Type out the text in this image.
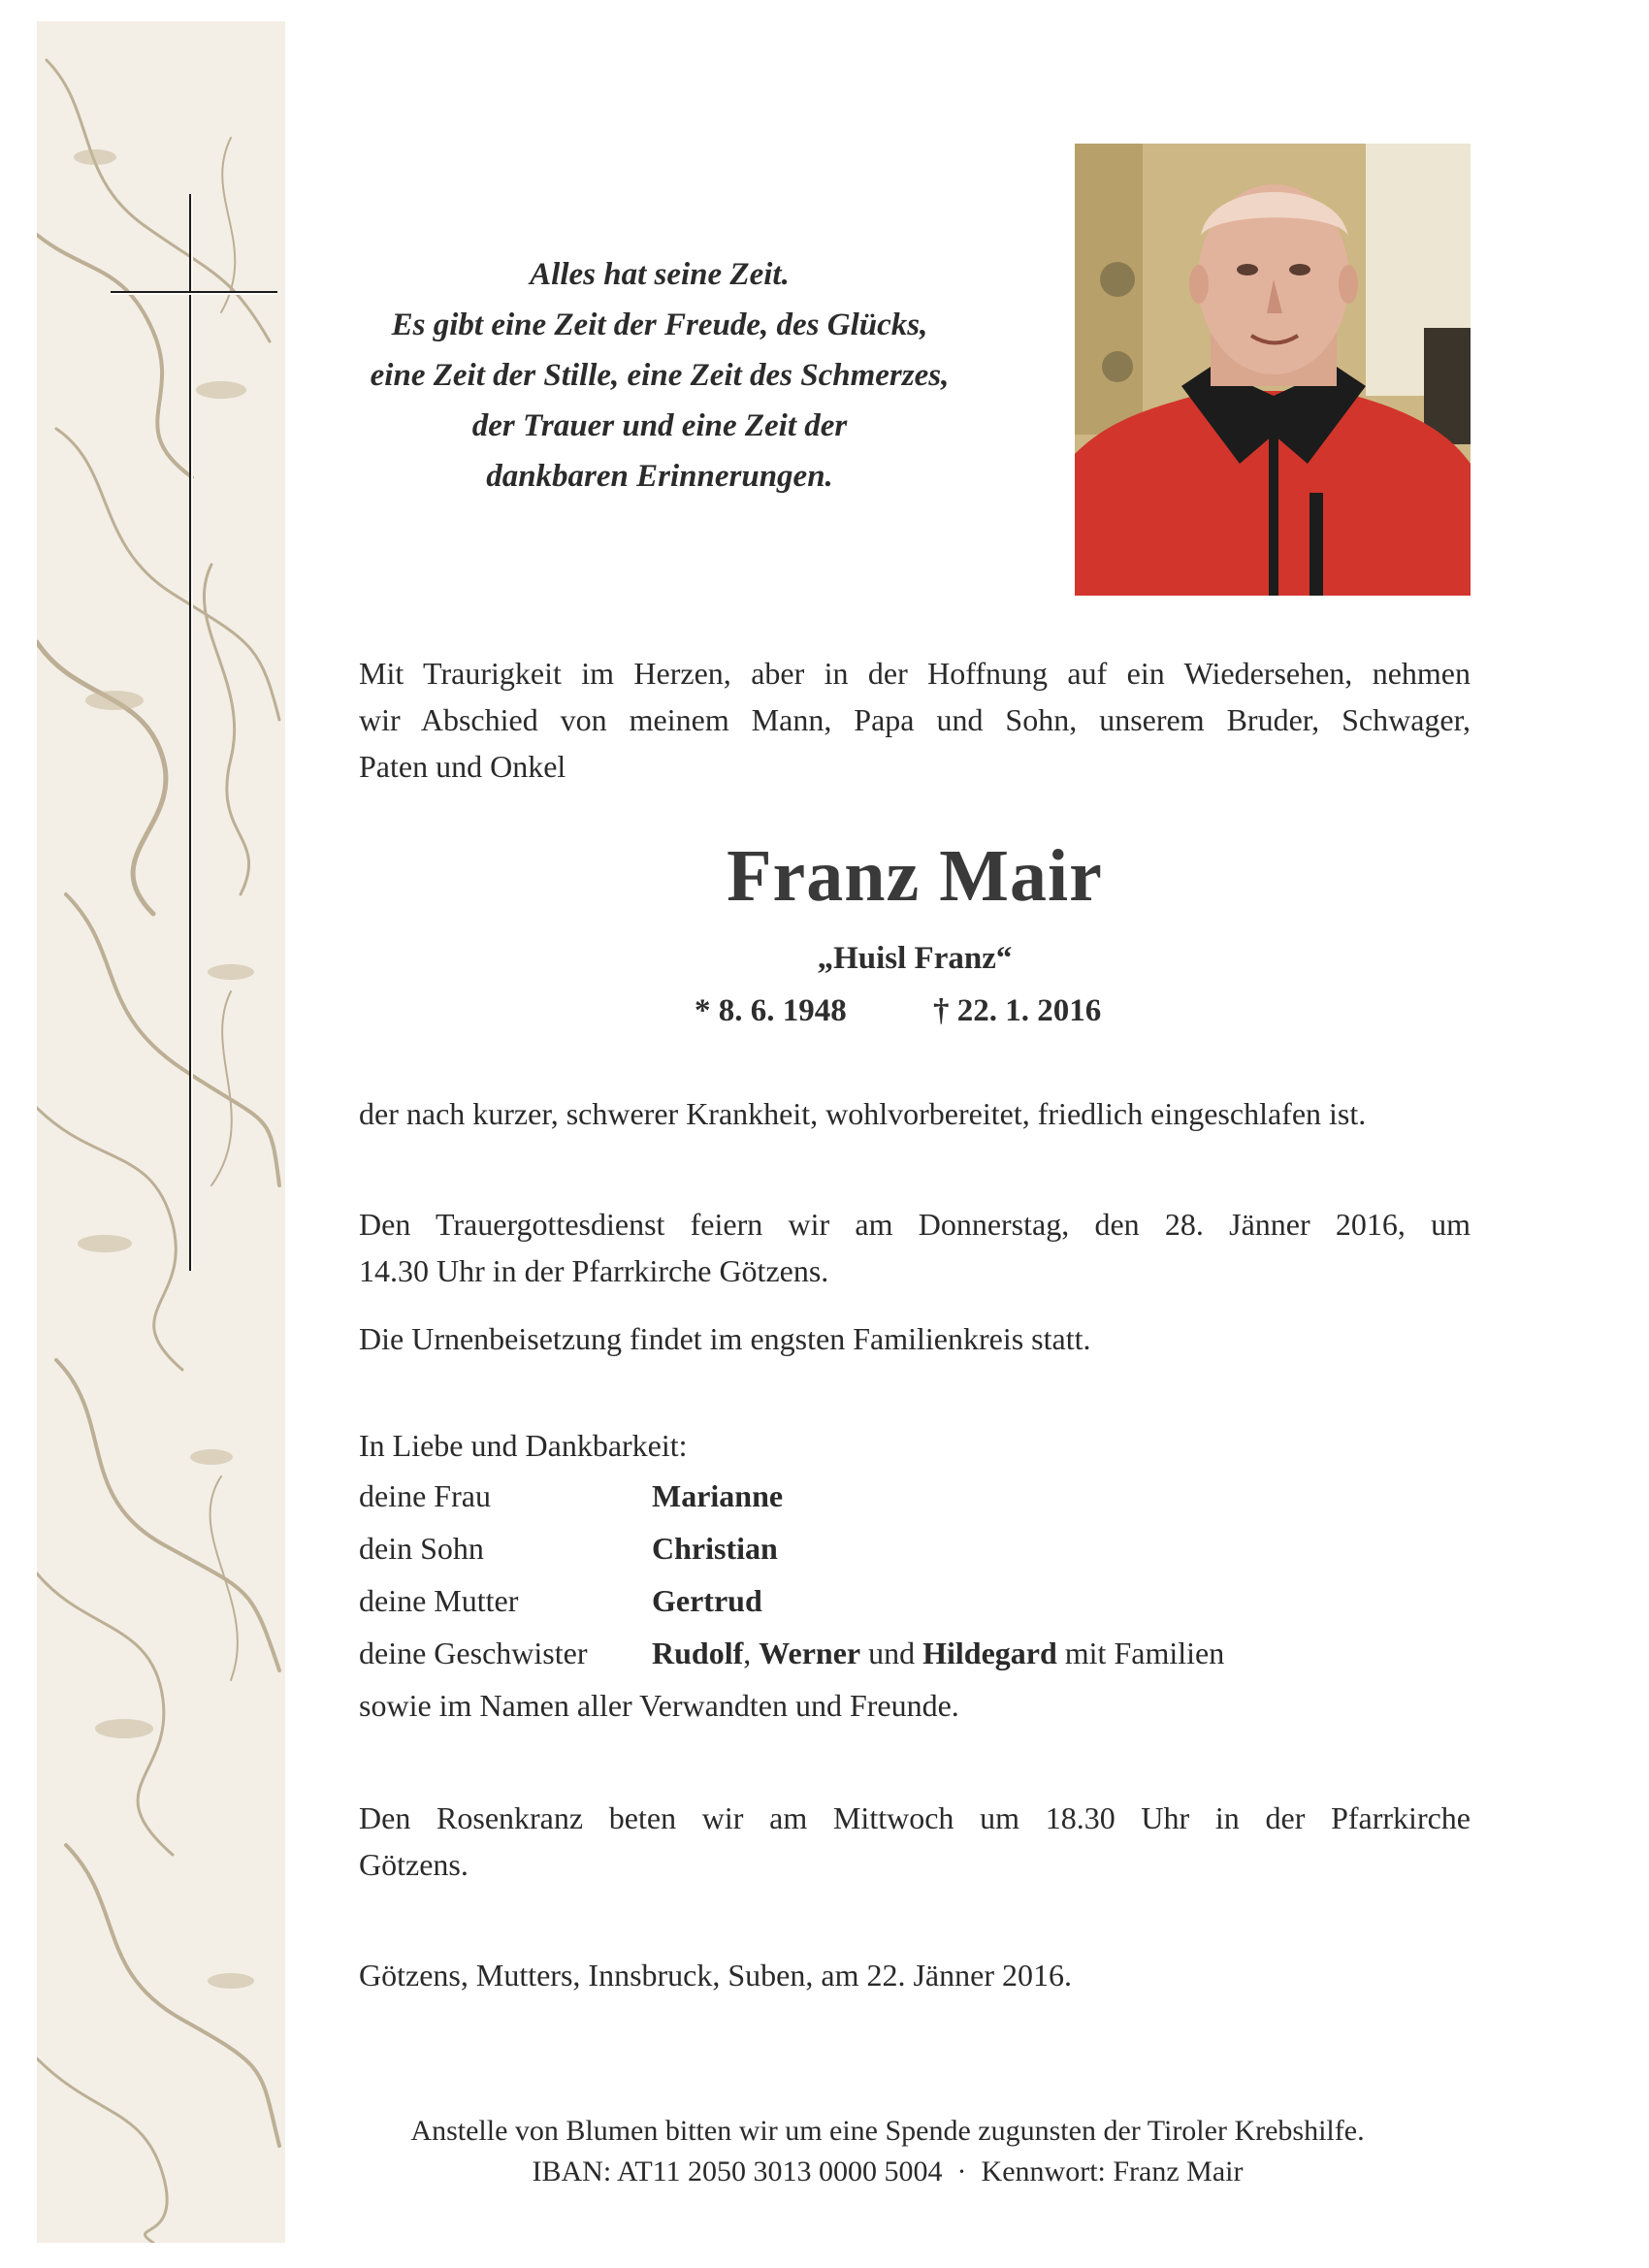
Alles hat seine Zeit.
Es gibt eine Zeit der Freude, des Glücks,
eine Zeit der Stille, eine Zeit des Schmerzes,
der Trauer und eine Zeit der
dankbaren Erinnerungen.
Mit Traurigkeit im Herzen, aber in der Hoffnung auf ein Wiedersehen, nehmen
wir Abschied von meinem Mann, Papa und Sohn, unserem Bruder, Schwager,
Paten und Onkel
Franz Mair
„Huisl Franz“
* 8. 6. 1948	† 22. 1. 2016
der nach kurzer, schwerer Krankheit, wohlvorbereitet, friedlich eingeschlafen ist.
Den Trauergottesdienst feiern wir am Donnerstag, den 28. Jänner 2016, um
14.30 Uhr in der Pfarrkirche Götzens.
Die Urnenbeisetzung findet im engsten Familienkreis statt.
In Liebe und Dankbarkeit:
deine Frau	Marianne
dein Sohn	Christian
deine Mutter	Gertrud
deine Geschwister Rudolf, Werner und Hildegard mit Familien
sowie im Namen aller Verwandten und Freunde.
Den Rosenkranz beten wir am Mittwoch um 18.30 Uhr in der Pfarrkirche
Götzens.
Götzens, Mutters, Innsbruck, Suben, am 22. Jänner 2016.
Anstelle von Blumen bitten wir um eine Spende zugunsten der Tiroler Krebshilfe.
IBAN: AT11 2050 3013 0000 5004  ·  Kennwort: Franz Mair
